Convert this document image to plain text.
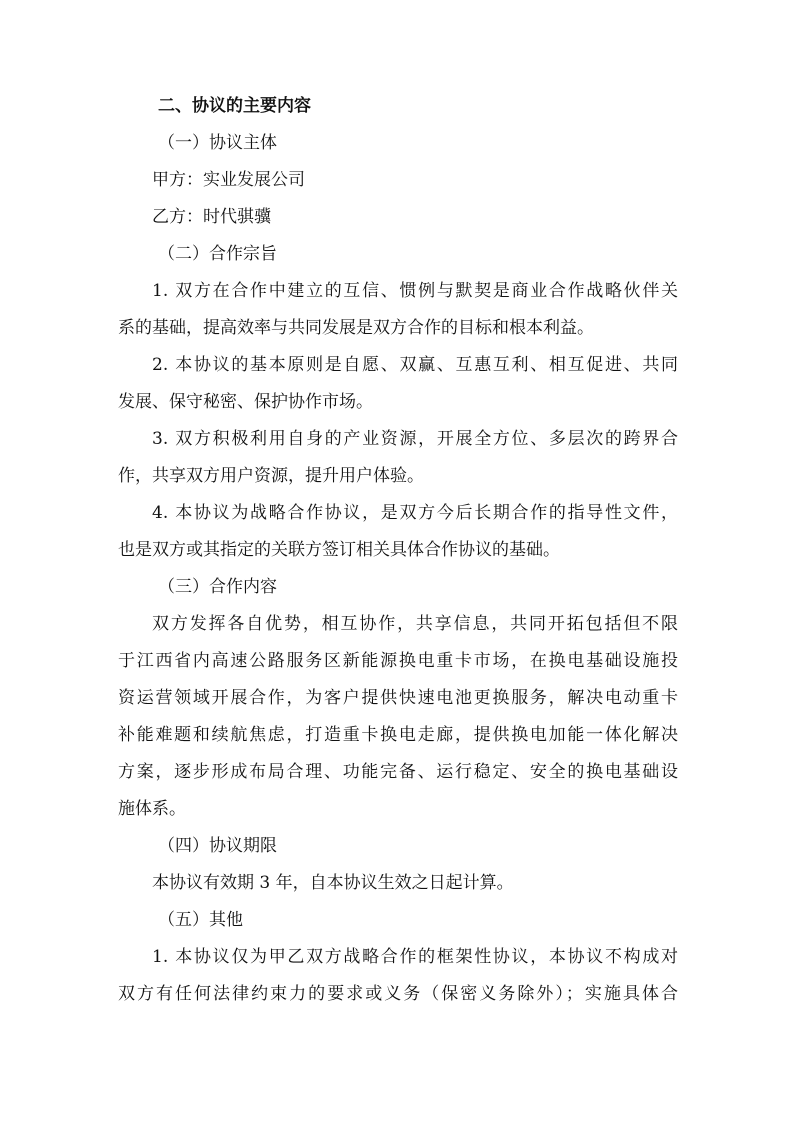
二、协议的主要内容
（一）协议主体
甲方：实业发展公司
乙方：时代骐骥
（二）合作宗旨
1. 双方在合作中建立的互信、惯例与默契是商业合作战略伙伴关
系的基础，提高效率与共同发展是双方合作的目标和根本利益。
2. 本协议的基本原则是自愿、双赢、互惠互利、相互促进、共同
发展、保守秘密、保护协作市场。
3. 双方积极利用自身的产业资源，开展全方位、多层次的跨界合
作，共享双方用户资源，提升用户体验。
4. 本协议为战略合作协议，是双方今后长期合作的指导性文件，
也是双方或其指定的关联方签订相关具体合作协议的基础。
（三）合作内容
双方发挥各自优势，相互协作，共享信息，共同开拓包括但不限
于江西省内高速公路服务区新能源换电重卡市场，在换电基础设施投
资运营领域开展合作，为客户提供快速电池更换服务，解决电动重卡
补能难题和续航焦虑，打造重卡换电走廊，提供换电加能一体化解决
方案，逐步形成布局合理、功能完备、运行稳定、安全的换电基础设
施体系。
（四）协议期限
本协议有效期 3 年，自本协议生效之日起计算。
（五）其他
1. 本协议仅为甲乙双方战略合作的框架性协议，本协议不构成对
双方有任何法律约束力的要求或义务（保密义务除外）；实施具体合
